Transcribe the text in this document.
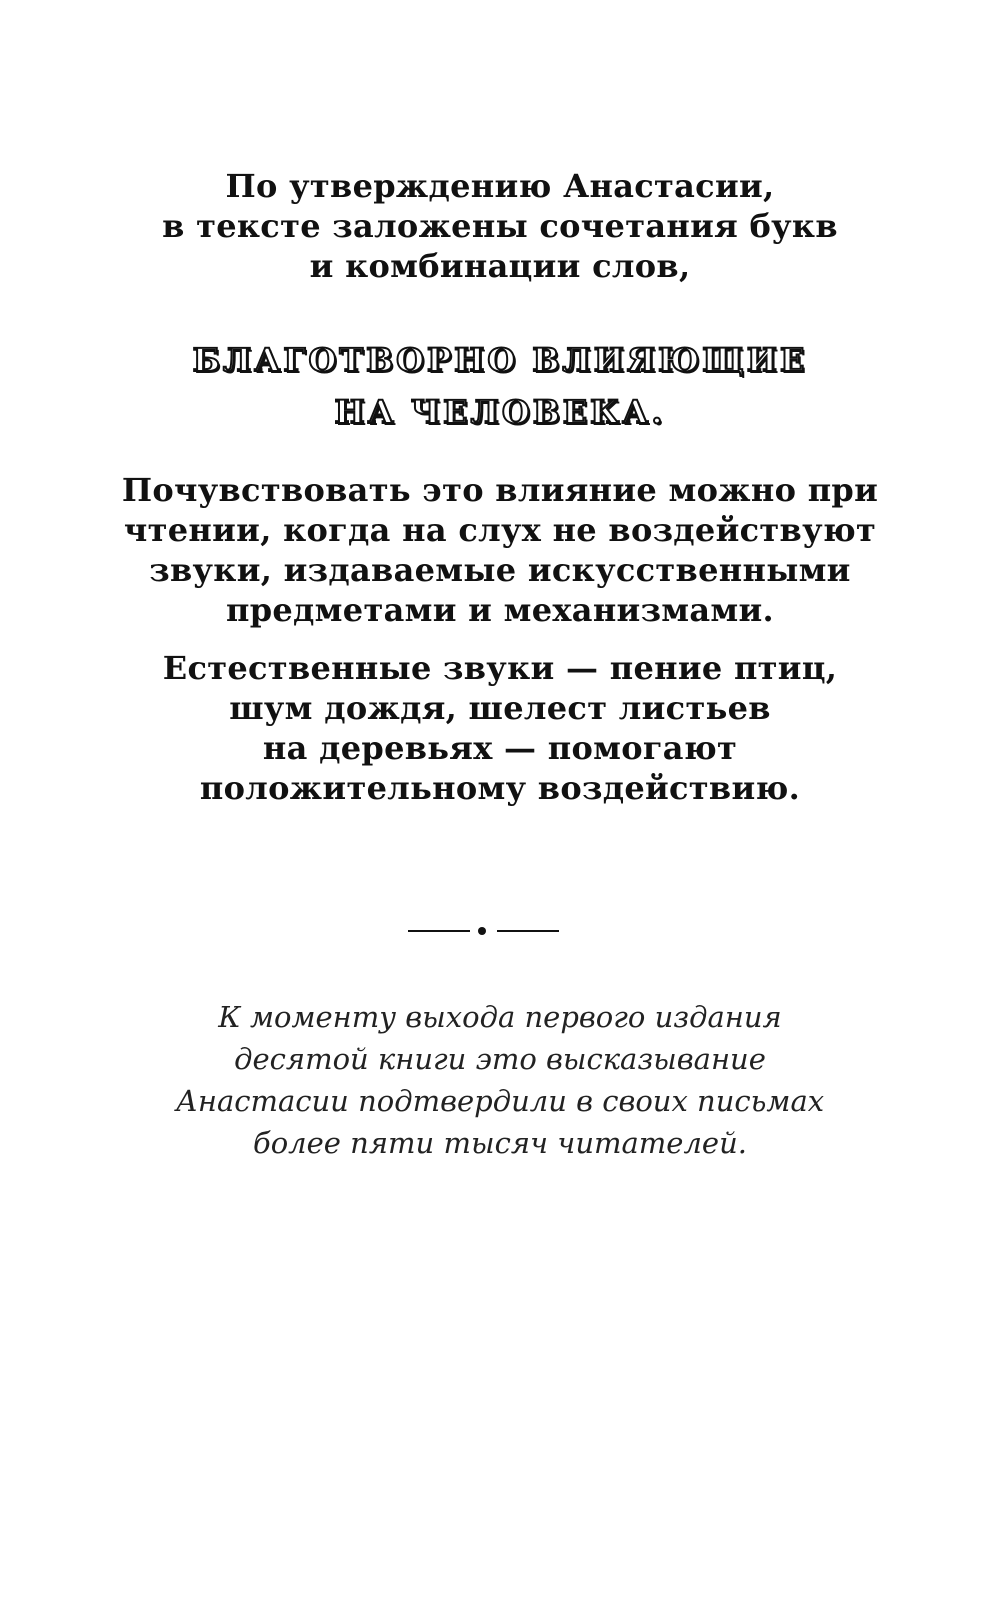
По утверждению Анастасии,
в тексте заложены сочетания букв
и комбинации слов,
БЛАГОТВОРНО ВЛИЯЮЩИЕ
НА ЧЕЛОВЕКА.
Почувствовать это влияние можно при
чтении, когда на слух не воздействуют
звуки, издаваемые искусственными
предметами и механизмами.
Естественные звуки — пение птиц,
шум дождя, шелест листьев
на деревьях — помогают
положительному воздействию.
К моменту выхода первого издания
десятой книги это высказывание
Анастасии подтвердили в своих письмах
более пяти тысяч читателей.
